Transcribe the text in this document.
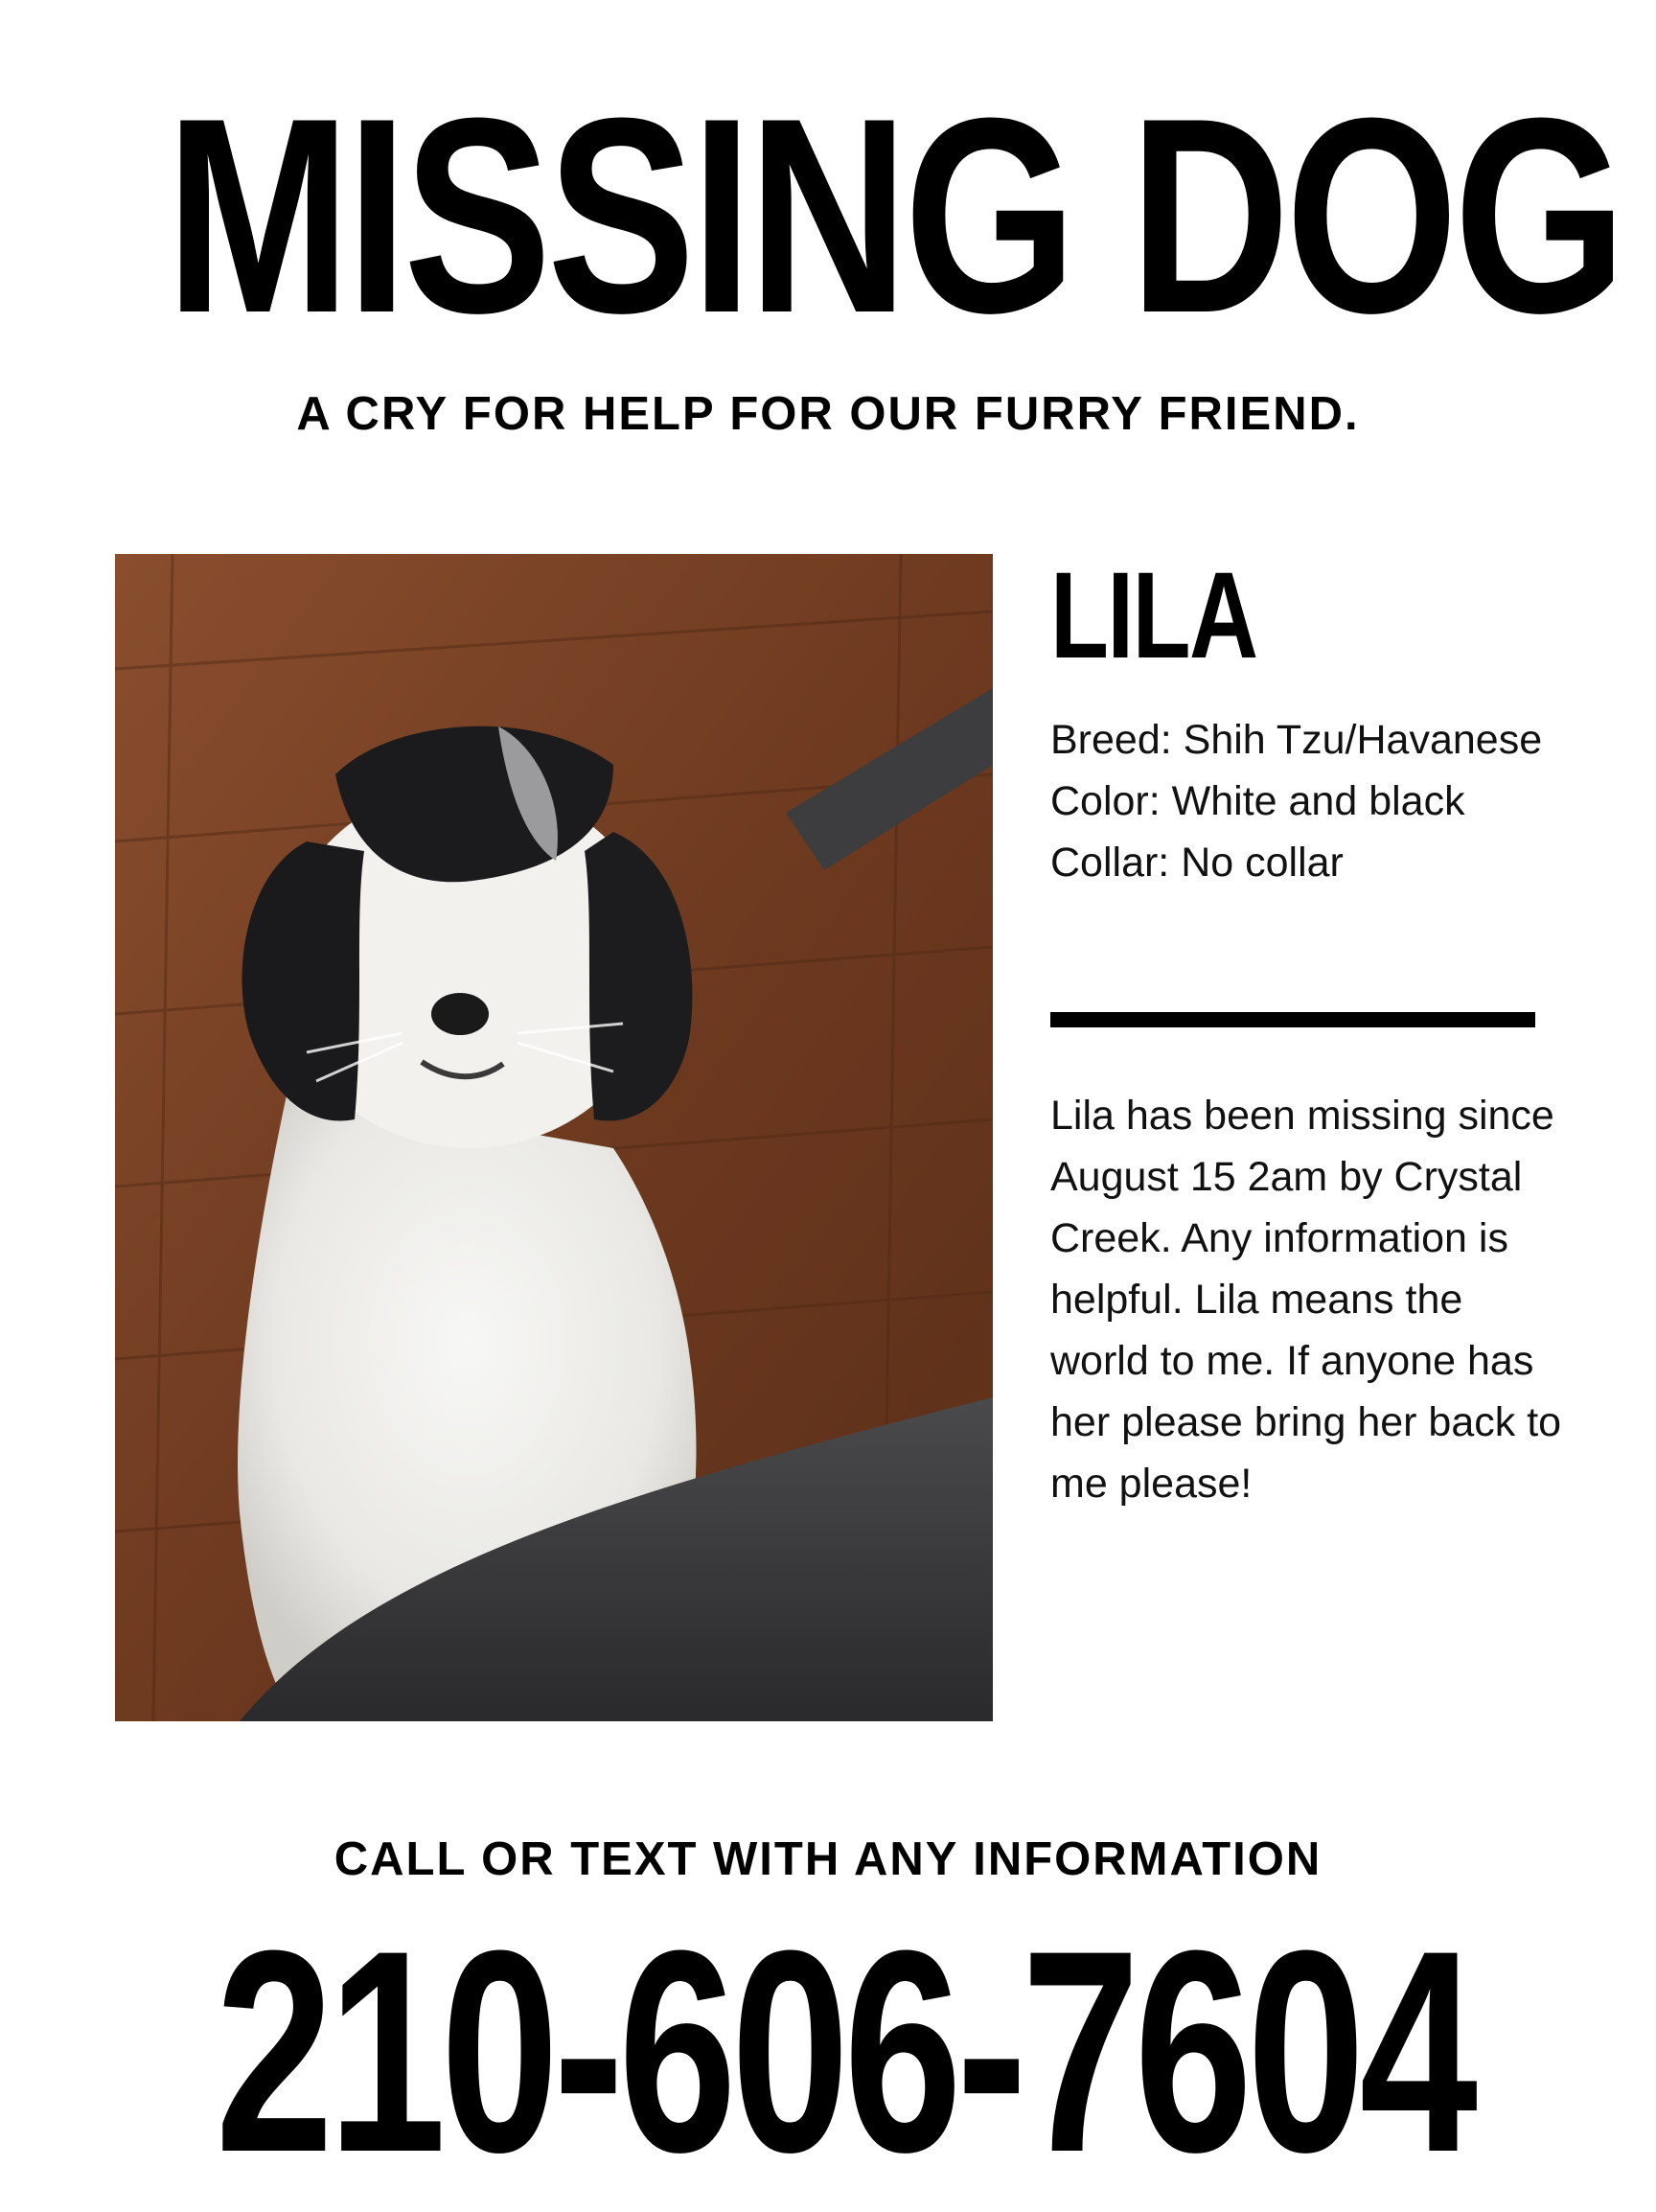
MISSING DOG
A CRY FOR HELP FOR OUR FURRY FRIEND.
LILA
Breed: Shih Tzu/Havanese
Color: White and black
Collar: No collar
Lila has been missing since August 15 2am by Crystal Creek. Any information is helpful. Lila means the world to me. If anyone has her please bring her back to me please!
CALL OR TEXT WITH ANY INFORMATION
210-606-7604
